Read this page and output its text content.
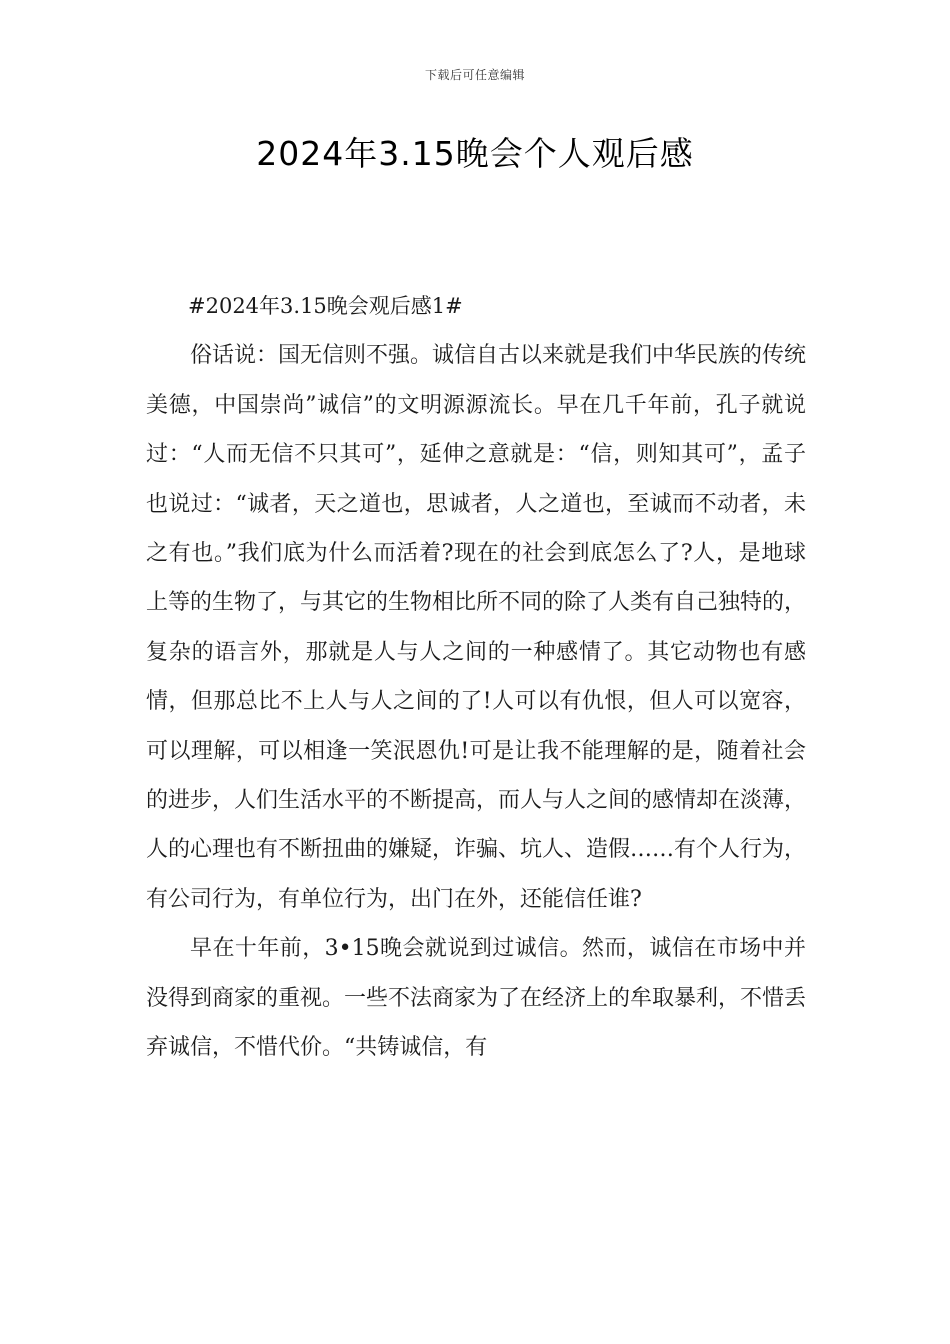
下载后可任意编辑
2024年3.15晚会个人观后感

#2024年3.15晚会观后感1#

俗话说：国无信则不强。诚信自古以来就是我们中华民族的传统美德，中国崇尚”诚信”的文明源源流长。早在几千年前，孔子就说过：“人而无信不只其可”，延伸之意就是：“信，则知其可”，孟子也说过：“诚者，天之道也，思诚者，人之道也，至诚而不动者，未之有也。”我们底为什么而活着?现在的社会到底怎么了?人，是地球上等的生物了，与其它的生物相比所不同的除了人类有自己独特的，复杂的语言外，那就是人与人之间的一种感情了。其它动物也有感情，但那总比不上人与人之间的了!人可以有仇恨，但人可以宽容，可以理解，可以相逢一笑泯恩仇!可是让我不能理解的是，随着社会的进步，人们生活水平的不断提高，而人与人之间的感情却在淡薄，人的心理也有不断扭曲的嫌疑，诈骗、坑人、造假……有个人行为，有公司行为，有单位行为，出门在外，还能信任谁?

早在十年前，3•15晚会就说到过诚信。然而，诚信在市场中并没得到商家的重视。一些不法商家为了在经济上的牟取暴利，不惜丢弃诚信，不惜代价。“共铸诚信，有
